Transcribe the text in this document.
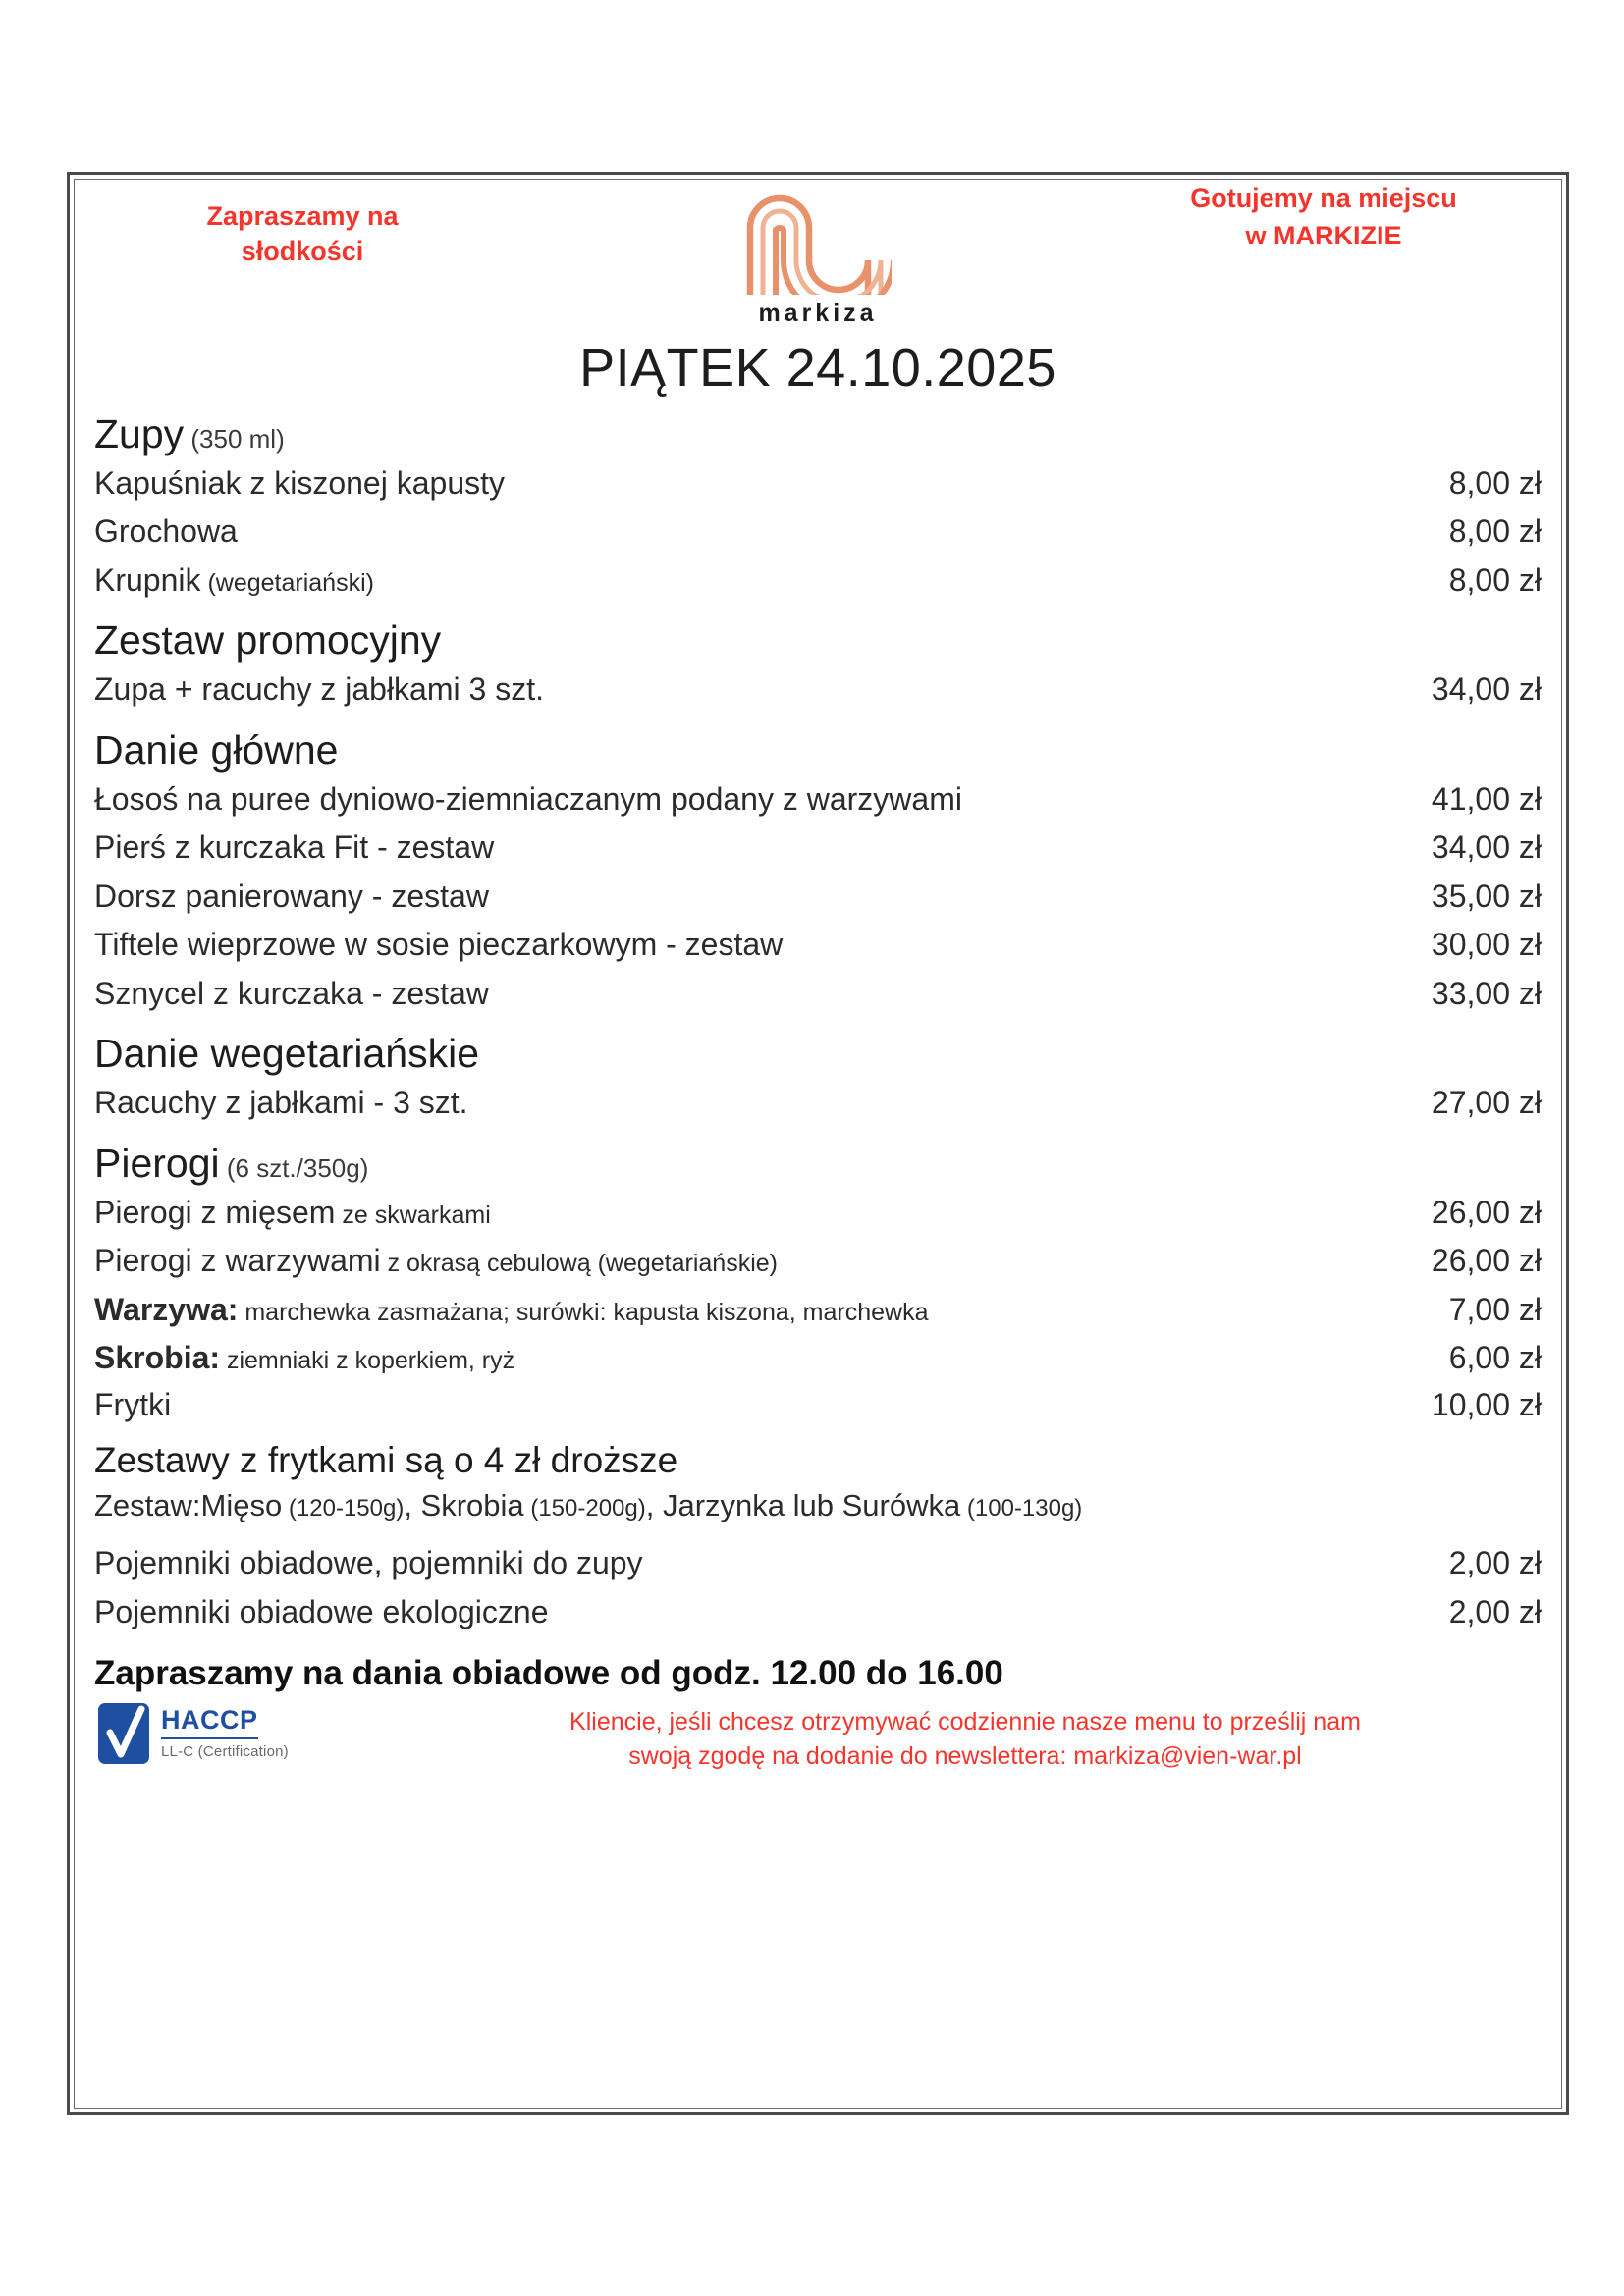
Zapraszamy na
słodkości
markiza
Gotujemy na miejscu
w MARKIZIE
PIĄTEK 24.10.2025
Zupy (350 ml)
Kapuśniak z kiszonej kapusty	8,00 zł
Grochowa	8,00 zł
Krupnik (wegetariański)	8,00 zł
Zestaw promocyjny
Zupa + racuchy z jabłkami 3 szt.	34,00 zł
Danie główne
Łosoś na puree dyniowo-ziemniaczanym podany z warzywami	41,00 zł
Pierś z kurczaka Fit - zestaw	34,00 zł
Dorsz panierowany - zestaw	35,00 zł
Tiftele wieprzowe w sosie pieczarkowym - zestaw	30,00 zł
Sznycel z kurczaka - zestaw	33,00 zł
Danie wegetariańskie
Racuchy z jabłkami - 3 szt.	27,00 zł
Pierogi (6 szt./350g)
Pierogi z mięsem ze skwarkami	26,00 zł
Pierogi z warzywami z okrasą cebulową (wegetariańskie)	26,00 zł
Warzywa: marchewka zasmażana; surówki: kapusta kiszona, marchewka	7,00 zł
Skrobia: ziemniaki z koperkiem, ryż	6,00 zł
Frytki	10,00 zł
Zestawy z frytkami są o 4 zł droższe
Zestaw:Mięso (120-150g), Skrobia (150-200g), Jarzynka lub Surówka (100-130g)
Pojemniki obiadowe, pojemniki do zupy	2,00 zł
Pojemniki obiadowe ekologiczne	2,00 zł
Zapraszamy na dania obiadowe od godz. 12.00 do 16.00
HACCP
LL-C (Certification)
Kliencie, jeśli chcesz otrzymywać codziennie nasze menu to prześlij nam
swoją zgodę na dodanie do newslettera: markiza@vien-war.pl
